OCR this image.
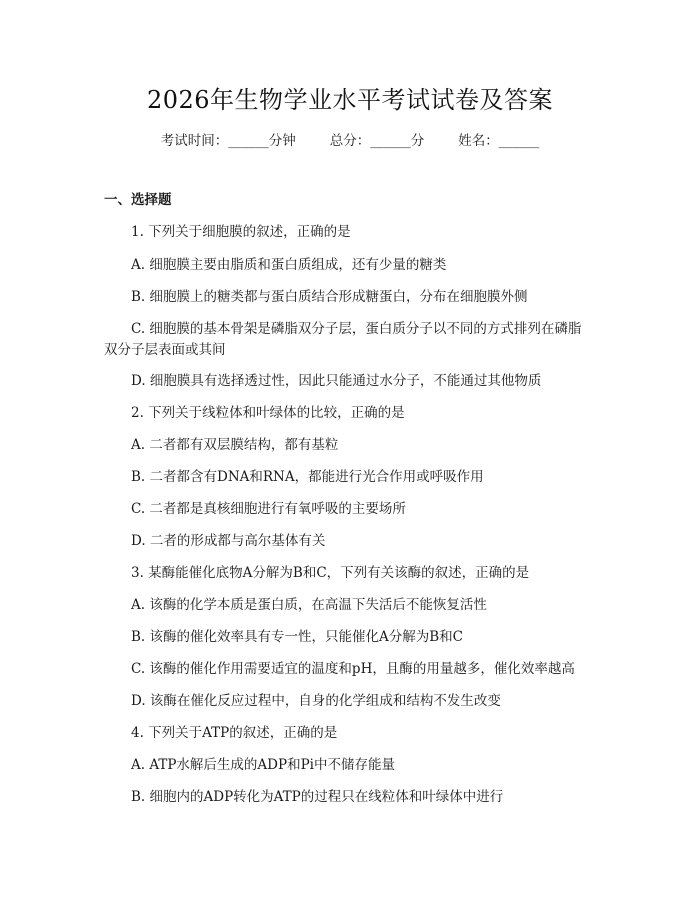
2026年生物学业水平考试试卷及答案
考试时间：______分钟	总分：______分	姓名：______
一、选择题
1. 下列关于细胞膜的叙述，正确的是
A. 细胞膜主要由脂质和蛋白质组成，还有少量的糖类
B. 细胞膜上的糖类都与蛋白质结合形成糖蛋白，分布在细胞膜外侧
C. 细胞膜的基本骨架是磷脂双分子层，蛋白质分子以不同的方式排列在磷脂双分子层表面或其间
D. 细胞膜具有选择透过性，因此只能通过水分子，不能通过其他物质
2. 下列关于线粒体和叶绿体的比较，正确的是
A. 二者都有双层膜结构，都有基粒
B. 二者都含有DNA和RNA，都能进行光合作用或呼吸作用
C. 二者都是真核细胞进行有氧呼吸的主要场所
D. 二者的形成都与高尔基体有关
3. 某酶能催化底物A分解为B和C，下列有关该酶的叙述，正确的是
A. 该酶的化学本质是蛋白质，在高温下失活后不能恢复活性
B. 该酶的催化效率具有专一性，只能催化A分解为B和C
C. 该酶的催化作用需要适宜的温度和pH，且酶的用量越多，催化效率越高
D. 该酶在催化反应过程中，自身的化学组成和结构不发生改变
4. 下列关于ATP的叙述，正确的是
A. ATP水解后生成的ADP和Pi中不储存能量
B. 细胞内的ADP转化为ATP的过程只在线粒体和叶绿体中进行
